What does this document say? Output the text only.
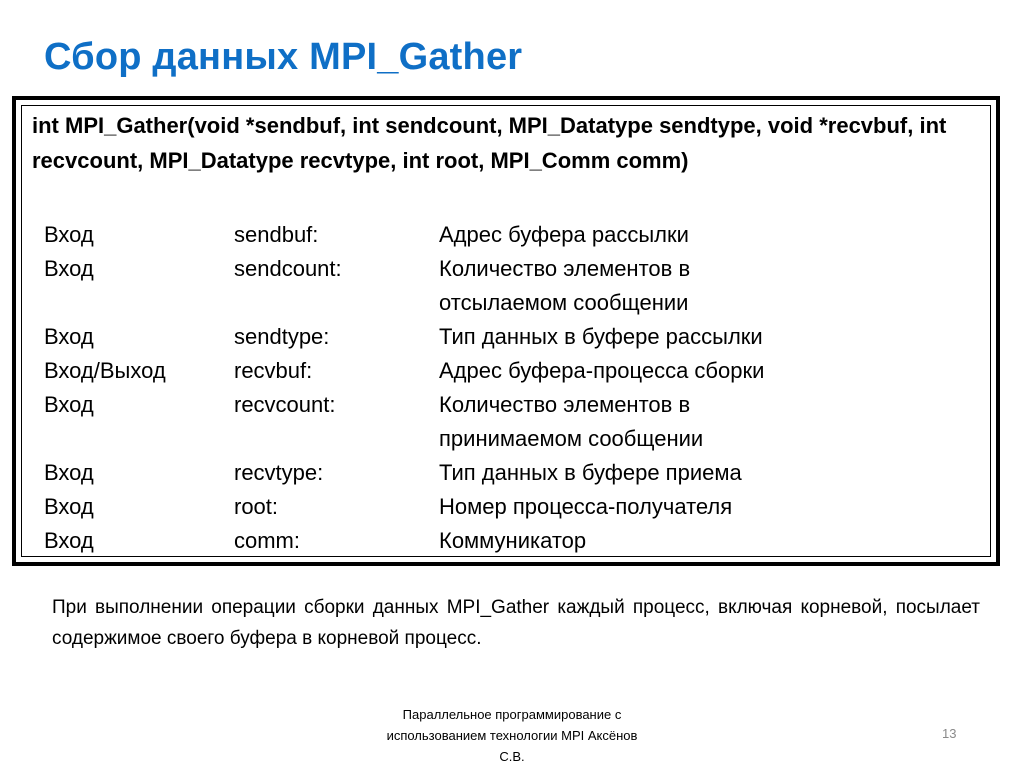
Сбор данных MPI_Gather
int MPI_Gather(void *sendbuf, int sendcount, MPI_Datatype sendtype, void *recvbuf, int recvcount, MPI_Datatype recvtype, int root, MPI_Comm comm)
Вход	sendbuf:	Адрес буфера рассылки
Вход	sendcount:	Количество элементов в
отсылаемом сообщении
Вход	sendtype:	Тип данных в буфере рассылки
Вход/Выход	recvbuf:	Адрес буфера-процесса сборки
Вход	recvcount:	Количество элементов в
принимаемом сообщении
Вход	recvtype:	Тип данных в буфере приема
Вход	root:	Номер процесса-получателя
Вход	comm:	Коммуникатор
При выполнении операции сборки данных MPI_Gather каждый процесс, включая корневой, посылает содержимое своего буфера в корневой процесс.
Параллельное программирование с
использованием технологии MPI Аксёнов
С.В.
13
